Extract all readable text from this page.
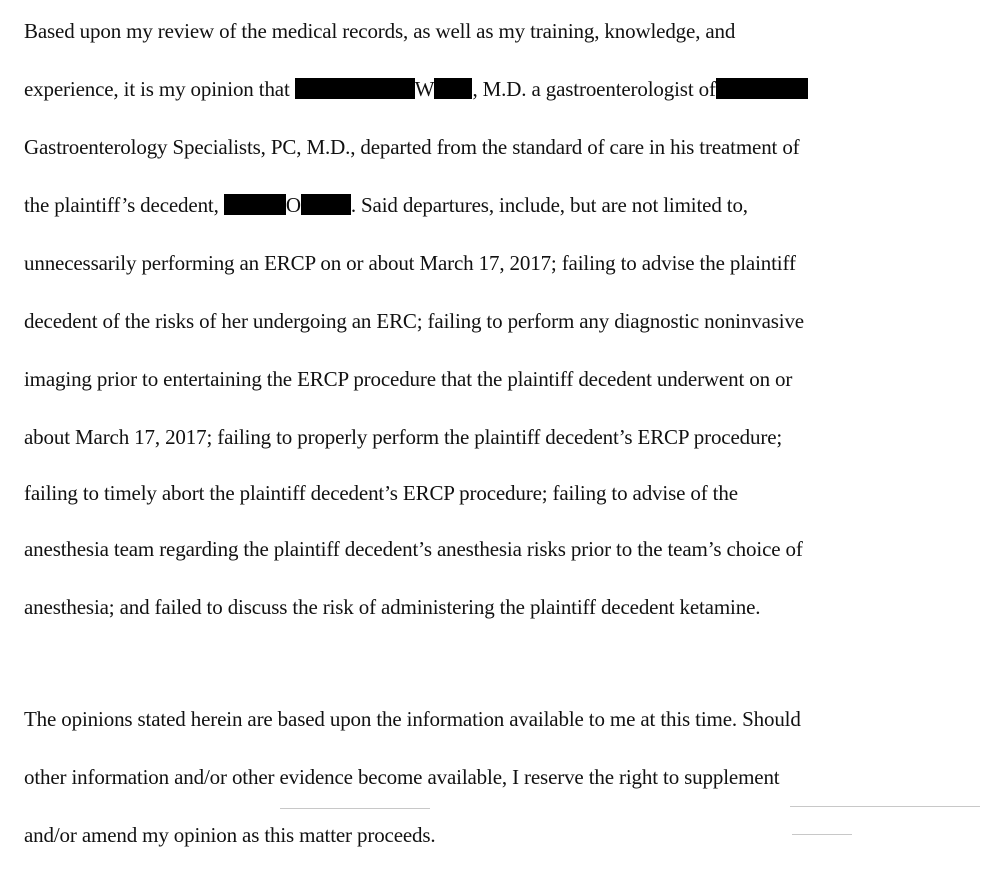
Based upon my review of the medical records, as well as my training, knowledge, and
experience, it is my opinion that	W , M.D. a gastroenterologist of
Gastroenterology Specialists, PC, M.D., departed from the standard of care in his treatment of
the plaintiff’s decedent,	O . Said departures, include, but are not limited to,
unnecessarily performing an ERCP on or about March 17, 2017; failing to advise the plaintiff
decedent of the risks of her undergoing an ERC; failing to perform any diagnostic noninvasive
imaging prior to entertaining the ERCP procedure that the plaintiff decedent underwent on or
about March 17, 2017; failing to properly perform the plaintiff decedent’s ERCP procedure;
failing to timely abort the plaintiff decedent’s ERCP procedure; failing to advise of the
anesthesia team regarding the plaintiff decedent’s anesthesia risks prior to the team’s choice of
anesthesia; and failed to discuss the risk of administering the plaintiff decedent ketamine.
The opinions stated herein are based upon the information available to me at this time. Should
other information and/or other evidence become available, I reserve the right to supplement
and/or amend my opinion as this matter proceeds.
